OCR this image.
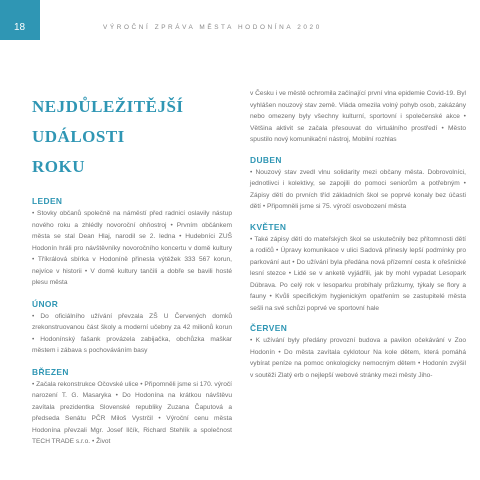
18	VÝROČNÍ ZPRÁVA MĚSTA HODONÍNA 2020
NEJDŮLEŽITĚJŠÍ
UDÁLOSTI
ROKU
LEDEN

• Stovky občanů společně na náměstí před radnicí oslavily nástup nového roku a zhlédly novoroční ohňostroj • Prvním občánkem města se stal Dean Hlaj, narodil se 2. ledna • Hudebníci ZUŠ Hodonín hráli pro návštěvníky novoročního koncertu v domě kultury • Tříkrálová sbírka v Hodoníně přinesla výtěžek 333 567 korun, nejvíce v historii • V domě kultury tančili a dobře se bavili hosté plesu města

ÚNOR

• Do oficiálního užívání převzala ZŠ U Červených domků zrekonstruovanou část školy a moderní učebny za 42 milionů korun • Hodonínský fašank provázela zabijačka, obchůzka maškar městem i zábava s pochováváním basy

BŘEZEN

• Začala rekonstrukce Očovské ulice • Připomněli jsme si 170. výročí narození T. G. Masaryka • Do Hodonína na krátkou návštěvu zavítala prezidentka Slovenské republiky Zuzana Čaputová a předseda Senátu PČR Miloš Vystrčil • Výroční cenu města Hodonína převzali Mgr. Josef Ilčík, Richard Stehlík a společnost TECH TRADE s.r.o. • Život

v Česku i ve městě ochromila začínající první vlna epidemie Covid-19. Byl vyhlášen nouzový stav země. Vláda omezila volný pohyb osob, zakázány nebo omezeny byly všechny kulturní, sportovní i společenské akce • Většina aktivit se začala přesouvat do virtuálního prostředí • Město spustilo nový komunikační nástroj, Mobilní rozhlas

DUBEN

• Nouzový stav zvedl vlnu solidarity mezi občany města. Dobrovolníci, jednotlivci i kolektivy, se zapojili do pomoci seniorům a potřebným • Zápisy dětí do prvních tříd základních škol se poprvé konaly bez účasti dětí • Připomněli jsme si 75. výročí osvobození města

KVĚTEN

• Také zápisy dětí do mateřských škol se uskutečnily bez přítomnosti dětí a rodičů • Úpravy komunikace v ulici Sadová přinesly lepší podmínky pro parkování aut • Do užívání byla předána nová přízemní cesta k ořešnické lesní stezce • Lidé se v anketě vyjádřili, jak by mohl vypadat Lesopark Dúbrava. Po celý rok v lesoparku probíhaly průzkumy, týkaly se flory a fauny • Kvůli specifickým hygienickým opatřením se zastupitelé města sešli na své schůzi poprvé ve sportovní hale

ČERVEN

• K užívání byly předány provozní budova a pavilon očekávání v Zoo Hodonín • Do města zavítala cyklotour Na kole dětem, která pomáhá vybírat peníze na pomoc onkologicky nemocným dětem • Hodonín zvýšil v soutěži Zlatý erb o nejlepší webové stránky mezi městy Jiho-
